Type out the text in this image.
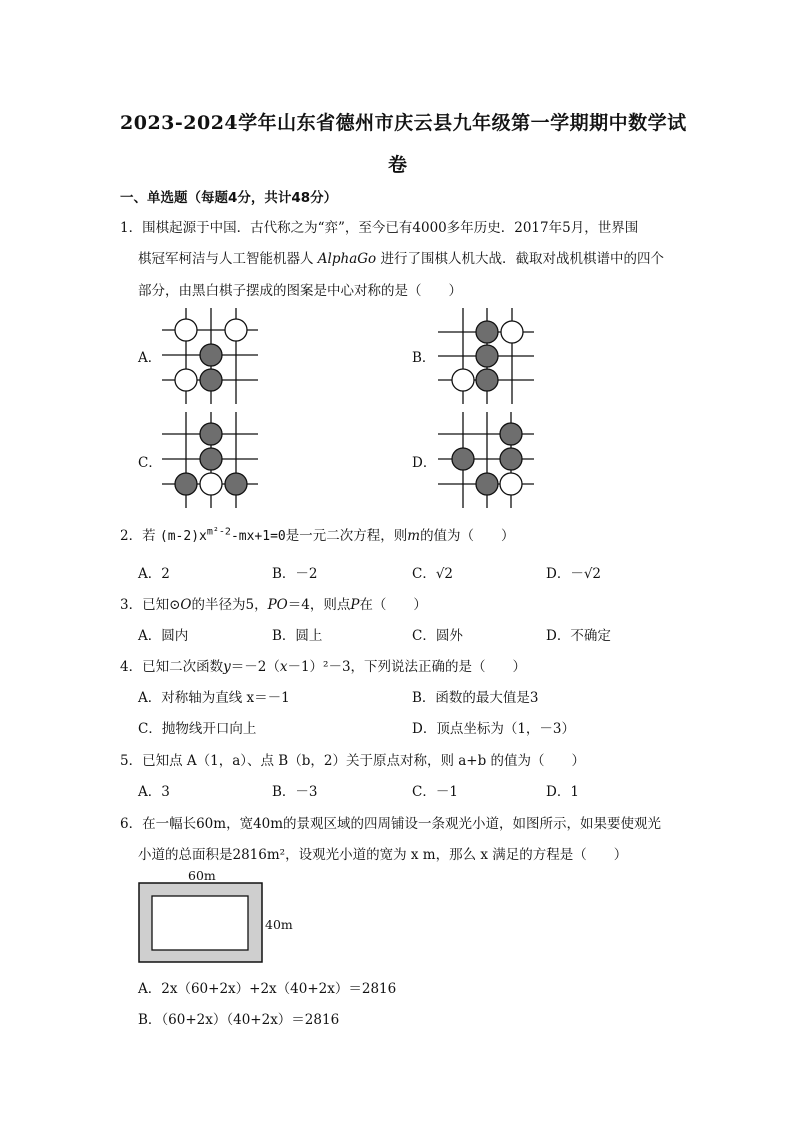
2023-2024学年山东省德州市庆云县九年级第一学期期中数学试
卷
一、单选题（每题4分，共计48分）
1．围棋起源于中国．古代称之为“弈”，至今已有4000多年历史．2017年5月，世界围
棋冠军柯洁与人工智能机器人 AlphaGo 进行了围棋人机大战．截取对战机棋谱中的四个
部分，由黑白棋子摆成的图案是中心对称的是（　　）
A．	B．
C．	D．
2．若 $(m-2)x^{m^2-2}-mx+1=0$是一元二次方程，则m的值为（　　）
A．2	B．－2	C．√2	D．－√2
3．已知⊙O的半径为5，PO＝4，则点P在（　　）
A．圆内	B．圆上	C．圆外	D．不确定
4．已知二次函数y＝－2（x－1）²－3，下列说法正确的是（　　）
A．对称轴为直线 x＝－1	B．函数的最大值是3
C．抛物线开口向上	D．顶点坐标为（1，－3）
5．已知点 A（1，a）、点 B（b，2）关于原点对称，则 a+b 的值为（　　）
A．3	B．－3	C．－1	D．1
6．在一幅长60m，宽40m的景观区域的四周铺设一条观光小道，如图所示，如果要使观光
小道的总面积是2816m²，设观光小道的宽为 x m，那么 x 满足的方程是（　　）
60m
40m
A．2x（60+2x）+2x（40+2x）＝2816
B．（60+2x）（40+2x）＝2816
